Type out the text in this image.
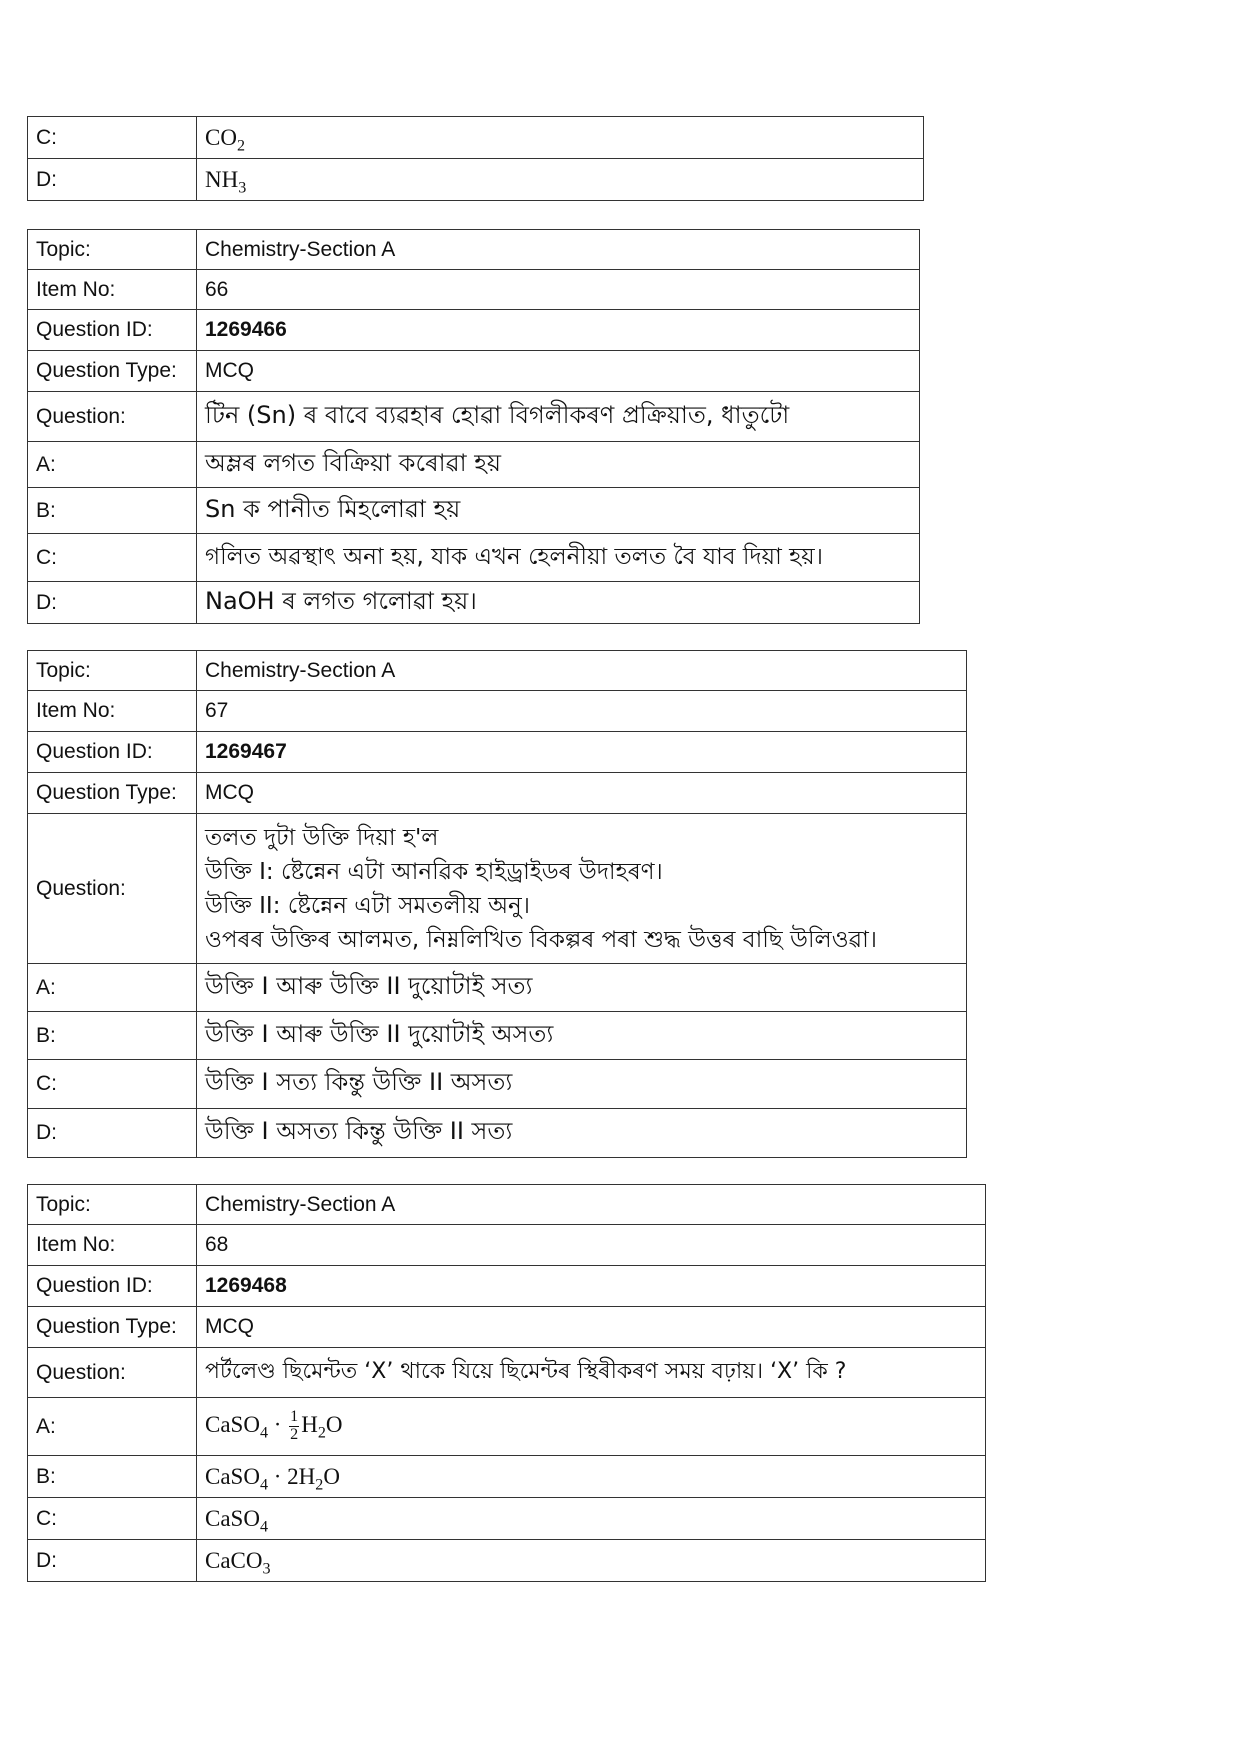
C:	$CO_2$
D:	$NH_3$
Topic:	Chemistry-Section A
Item No:	66
Question ID:	1269466
Question Type:	MCQ
Question:	টিন (Sn) ৰ বাবে ব্যৱহাৰ হোৱা বিগলীকৰণ প্ৰক্ৰিয়াত, ধাতুটো
A:	অম্লৰ লগত বিক্ৰিয়া কৰোৱা হয়
B:	Sn ক পানীত মিহলোৱা হয়
C:	গলিত অৱস্থাৎ অনা হয়, যাক এখন হেলনীয়া তলত বৈ যাব দিয়া হয়।
D:	NaOH ৰ লগত গলোৱা হয়।
Topic:	Chemistry-Section A
Item No:	67
Question ID:	1269467
Question Type:	MCQ
Question:	তলত দুটা উক্তি দিয়া হ'ল
উক্তি I: ষ্টেন্নেন এটা আনৱিক হাইড্ৰাইডৰ উদাহৰণ।
উক্তি II: ষ্টেন্নেন এটা সমতলীয় অনু।
ওপৰৰ উক্তিৰ আলমত, নিম্নলিখিত বিকল্পৰ পৰা শুদ্ধ উত্তৰ বাছি উলিওৱা।

A:	উক্তি I আৰু উক্তি II দুয়োটাই সত্য
B:	উক্তি I আৰু উক্তি II দুয়োটাই অসত্য
C:	উক্তি I সত্য কিন্তু উক্তি II অসত্য
D:	উক্তি I অসত্য কিন্তু উক্তি II সত্য
Topic:	Chemistry-Section A
Item No:	68
Question ID:	1269468
Question Type:	MCQ
Question:	পৰ্টলেণ্ড ছিমেন্টত ‘X’ থাকে যিয়ে ছিমেন্টৰ স্থিৰীকৰণ সময় বঢ়ায়। ‘X’ কি ?
A:	CaSO$_4$ · $\frac{1}{2} H_2O$
B:	CaSO$_4$ · $2H_2O$
C:	CaSO$_4$
D:	CaCO$_3$
